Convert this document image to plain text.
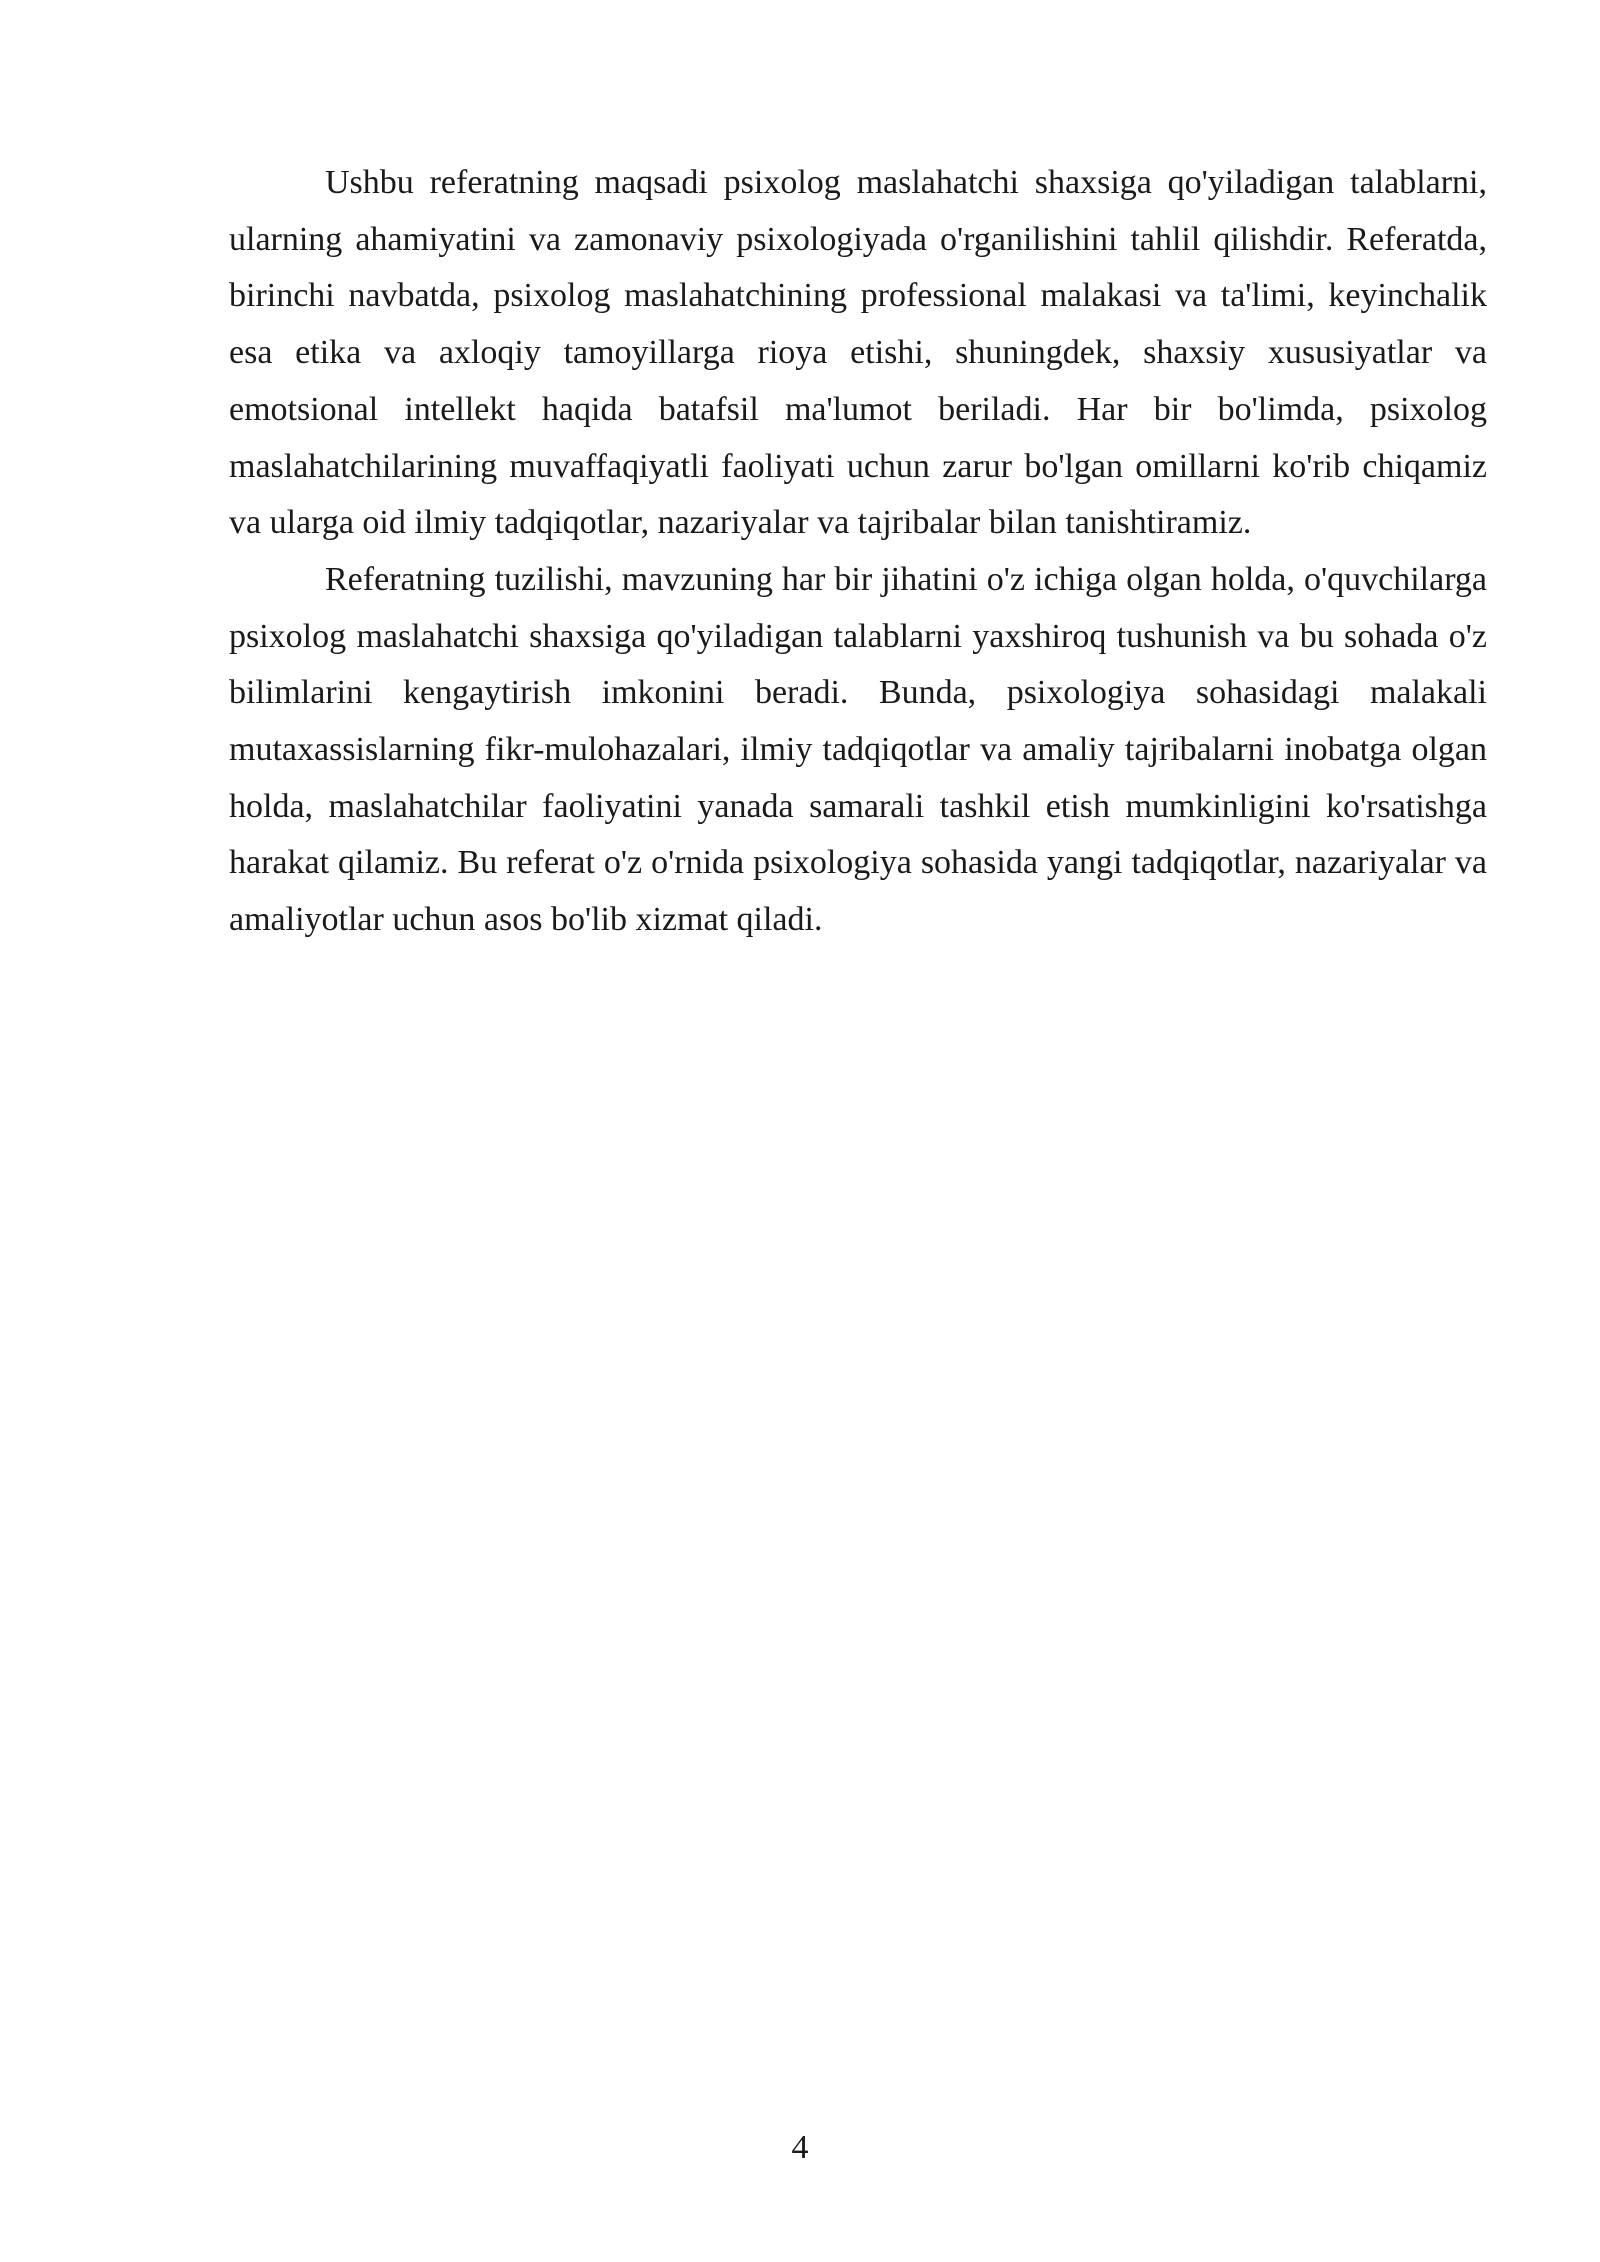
Ushbu referatning maqsadi psixolog maslahatchi shaxsiga qo'yiladigan talablarni, ularning ahamiyatini va zamonaviy psixologiyada o'rganilishini tahlil qilishdir. Referatda, birinchi navbatda, psixolog maslahatchining professional malakasi va ta'limi, keyinchalik esa etika va axloqiy tamoyillarga rioya etishi, shuningdek, shaxsiy xususiyatlar va emotsional intellekt haqida batafsil ma'lumot beriladi. Har bir bo'limda, psixolog maslahatchilarining muvaffaqiyatli faoliyati uchun zarur bo'lgan omillarni ko'rib chiqamiz va ularga oid ilmiy tadqiqotlar, nazariyalar va tajribalar bilan tanishtiramiz.

Referatning tuzilishi, mavzuning har bir jihatini o'z ichiga olgan holda, o'quvchilarga psixolog maslahatchi shaxsiga qo'yiladigan talablarni yaxshiroq tushunish va bu sohada o'z bilimlarini kengaytirish imkonini beradi. Bunda, psixologiya sohasidagi malakali mutaxassislarning fikr-mulohazalari, ilmiy tadqiqotlar va amaliy tajribalarni inobatga olgan holda, maslahatchilar faoliyatini yanada samarali tashkil etish mumkinligini ko'rsatishga harakat qilamiz. Bu referat o'z o'rnida psixologiya sohasida yangi tadqiqotlar, nazariyalar va amaliyotlar uchun asos bo'lib xizmat qiladi.

4
